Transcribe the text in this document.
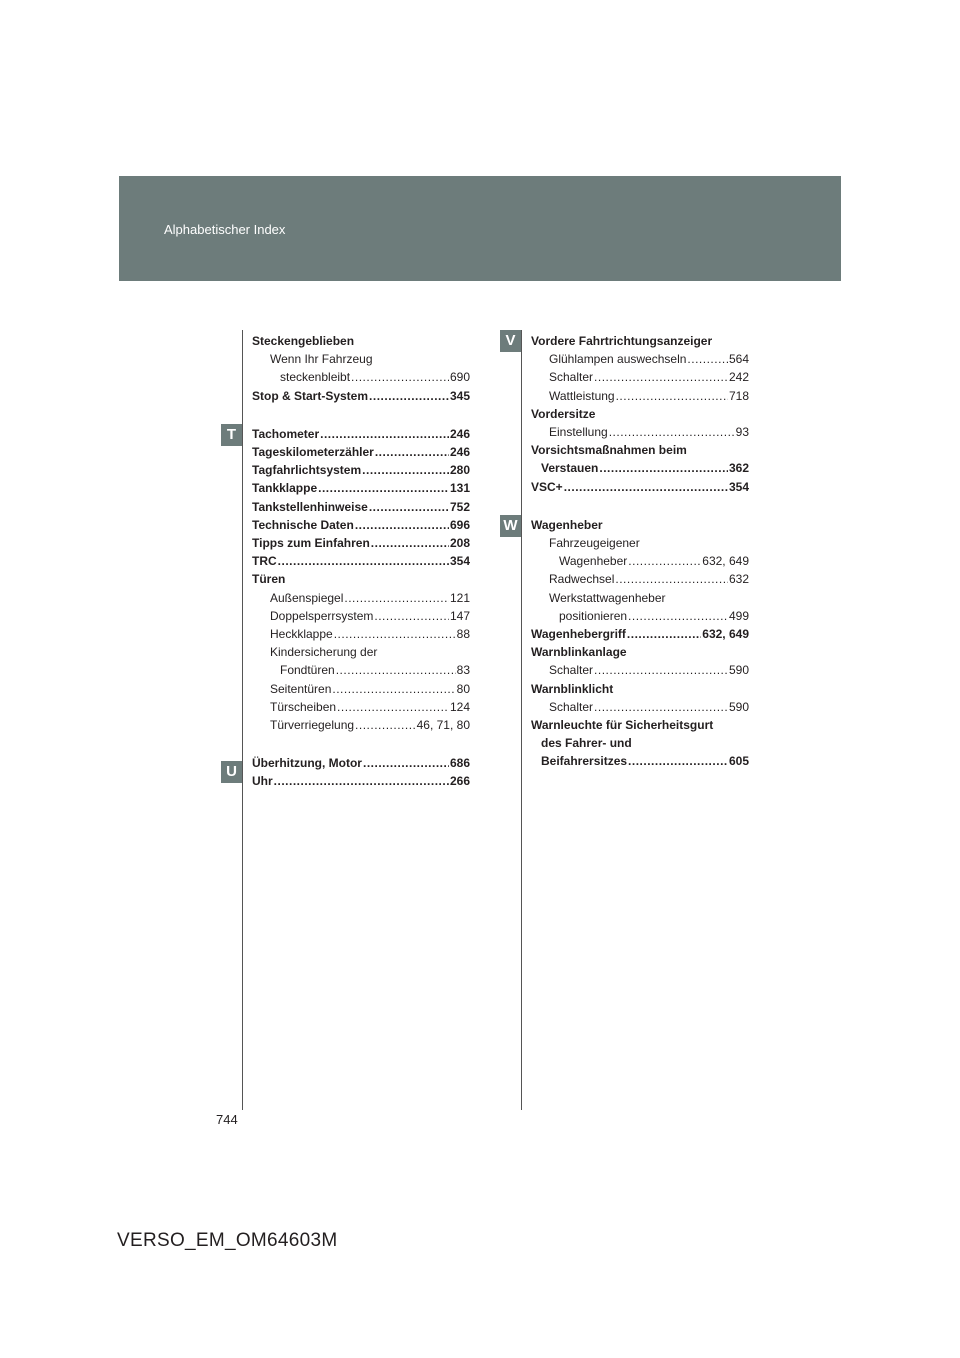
Alphabetischer Index
T
U
V
W
Steckengeblieben
Wenn Ihr Fahrzeug
steckenbleibt .....	690
Stop & Start-System .....	345
Tachometer .....	246
Tageskilometerzähler .....	246
Tagfahrlichtsystem .....	280
Tankklappe .....	131
Tankstellenhinweise .....	752
Technische Daten .....	696
Tipps zum Einfahren .....	208
TRC .....	354
Türen
Außenspiegel .....	121
Doppelsperrsystem .....	147
Heckklappe .....	88
Kindersicherung der
Fondtüren .....	83
Seitentüren .....	80
Türscheiben .....	124
Türverriegelung .....	46, 71, 80
Überhitzung, Motor .....	686
Uhr .....	266
Vordere Fahrtrichtungsanzeiger
Glühlampen auswechseln .....	564
Schalter .....	242
Wattleistung .....	718
Vordersitze
Einstellung .....	93
Vorsichtsmaßnahmen beim
Verstauen .....	362
VSC+ .....	354
Wagenheber
Fahrzeugeigener
Wagenheber .....	632, 649
Radwechsel .....	632
Werkstattwagenheber
positionieren .....	499
Wagenhebergriff .....	632, 649
Warnblinkanlage
Schalter .....	590
Warnblinklicht
Schalter .....	590
Warnleuchte für Sicherheitsgurt
des Fahrer- und
Beifahrersitzes .....	605
744
VERSO_EM_OM64603M
